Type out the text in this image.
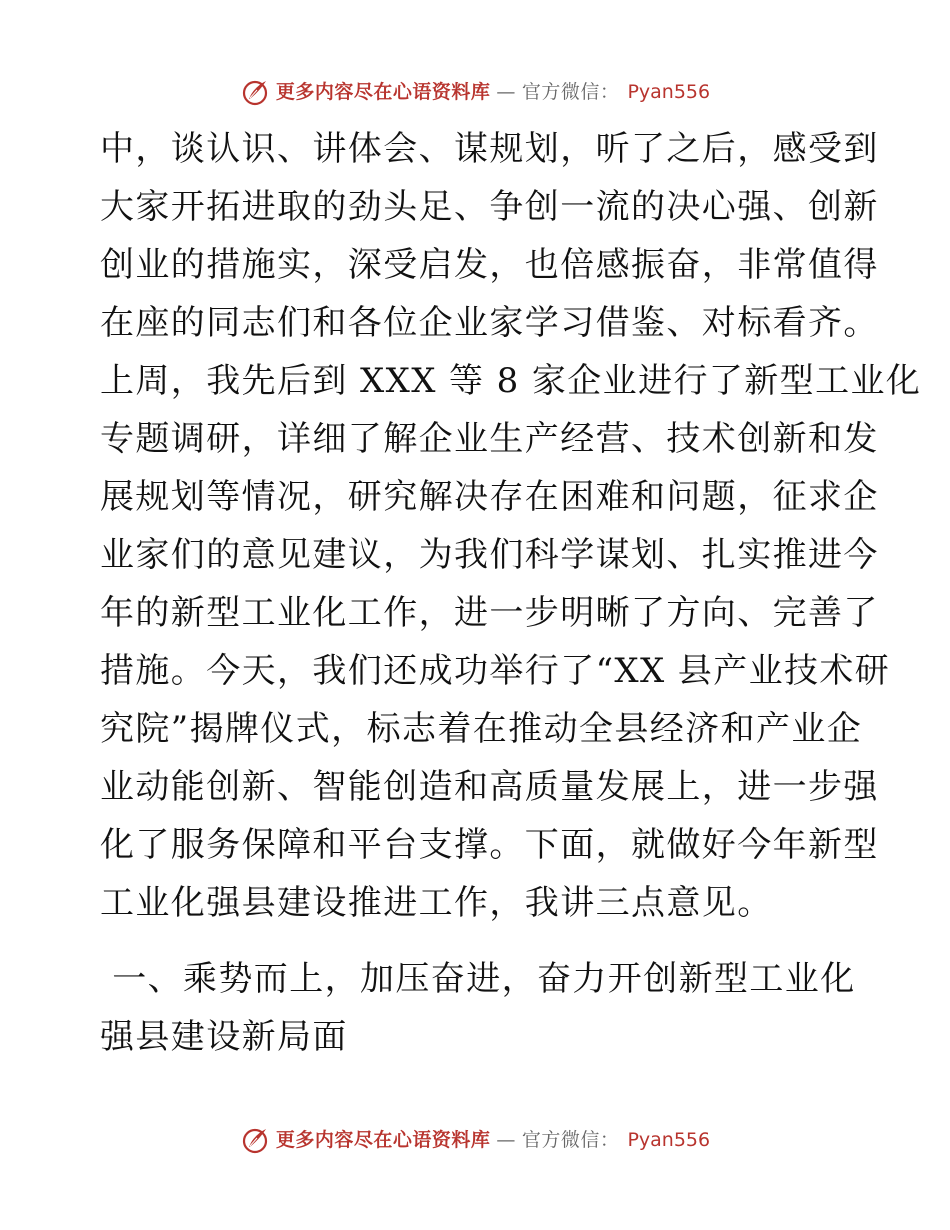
更多内容尽在心语资料库 — 官方微信： Pyan556
中，谈认识、讲体会、谋规划，听了之后，感受到
大家开拓进取的劲头足、争创一流的决心强、创新
创业的措施实，深受启发，也倍感振奋，非常值得
在座的同志们和各位企业家学习借鉴、对标看齐。
上周，我先后到 XXX 等 8 家企业进行了新型工业化
专题调研，详细了解企业生产经营、技术创新和发
展规划等情况，研究解决存在困难和问题，征求企
业家们的意见建议，为我们科学谋划、扎实推进今
年的新型工业化工作，进一步明晰了方向、完善了
措施。今天，我们还成功举行了“XX 县产业技术研
究院”揭牌仪式，标志着在推动全县经济和产业企
业动能创新、智能创造和高质量发展上，进一步强
化了服务保障和平台支撑。下面，就做好今年新型
工业化强县建设推进工作，我讲三点意见。
一、乘势而上，加压奋进，奋力开创新型工业化
强县建设新局面
更多内容尽在心语资料库 — 官方微信： Pyan556
